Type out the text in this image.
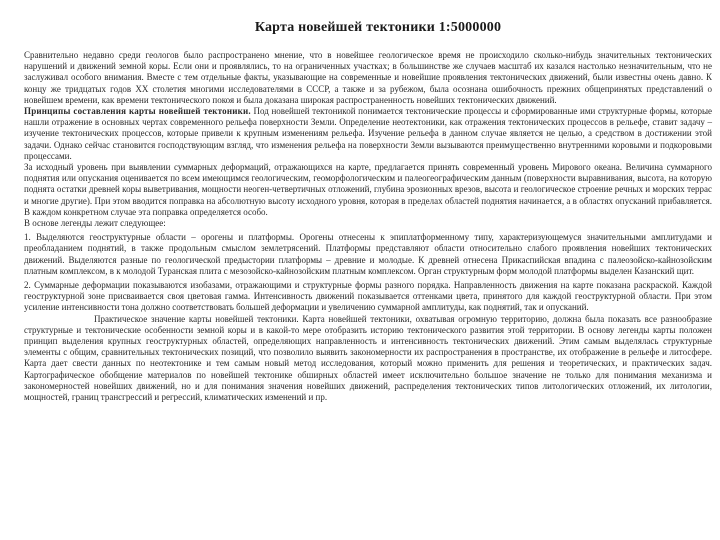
Карта новейшей тектоники 1:5000000

Сравнительно недавно среди геологов было распространено мнение, что в новейшее геологическое время не происходило сколько-нибудь значительных тектонических нарушений и движений земной коры. Если они и проявлялись, то на ограниченных участках; в большинстве же случаев масштаб их казался настолько незначительным, что не заслуживал особого внимания. Вместе с тем отдельные факты, указывающие на современные и новейшие проявления тектонических движений, были известны очень давно. К концу же тридцатых годов XX столетия многими исследователями в СССР, а также и за рубежом, была осознана ошибочность прежних общепринятых представлений о новейшем времени, как времени тектонического покоя и была доказана широкая распространенность новейших тектонических движений.

Принципы составления карты новейшей тектоники. Под новейшей тектоникой понимается тектонические процессы и сформированные ими структурные формы, которые нашли отражение в основных чертах современного рельефа поверхности Земли. Определение неотектоники, как отражения тектонических процессов в рельефе, ставит задачу – изучение тектонических процессов, которые привели к крупным изменениям рельефа. Изучение рельефа в данном случае является не целью, а средством в достижении этой задачи. Однако сейчас становится господствующим взгляд, что изменения рельефа на поверхности Земли вызываются преимущественно внутренними коровыми и подкоровыми процессами.

За исходный уровень при выявлении суммарных деформаций, отражающихся на карте, предлагается принять современный уровень Мирового океана. Величина суммарного поднятия или опускания оценивается по всем имеющимся геологическим, геоморфологическим и палеогеографическим данным (поверхности выравнивания, высота, на которую поднята остатки древней коры выветривания, мощности неоген-четвертичных отложений, глубина эрозионных врезов, высота и геологическое строение речных и морских террас и многие другие). При этом вводится поправка на абсолютную высоту исходного уровня, которая в пределах областей поднятия начинается, а в областях опусканий прибавляется. В каждом конкретном случае эта поправка определяется особо.

В основе легенды лежит следующее:

1. Выделяются геоструктурные области – орогены и платформы. Орогены отнесены к эпиплатформенному типу, характеризующемуся значительными амплитудами и преобладанием поднятий, в также продольным смыслом землетрясений. Платформы представляют области относительно слабого проявления новейших тектонических движений. Выделяются разные по геологической предыстории платформы – древние и молодые. К древней отнесена Прикаспийская впадина с палеозойско-кайнозойским платным комплексом, в к молодой Туранская плита с мезозойско-кайнозойским платным комплексом. Орган структурным форм молодой платформы выделен Казанский щит.

2. Суммарные деформации показываются изобазами, отражающими и структурные формы разного порядка. Направленность движения на карте показана раскраской. Каждой геоструктурной зоне присваивается своя цветовая гамма. Интенсивность движений показывается оттенками цвета, принятого для каждой геоструктурной области. При этом усиление интенсивности тона должно соответствовать большей деформации и увеличению суммарной амплитуды, как поднятий, так и опусканий.

Практическое значение карты новейшей тектоники. Карта новейшей тектоники, охватывая огромную территорию, должна была показать все разнообразие структурные и тектонические особенности земной коры и в какой-то мере отобразить историю тектонического развития этой территории. В основу легенды карты положен принцип выделения крупных геоструктурных областей, определяющих направленность и интенсивность тектонических движений. Этим самым выделялась структурные элементы с общим, сравнительных тектонических позиций, что позволило выявить закономерности их распространения в пространстве, их отображение в рельефе и литосфере. Карта дает свести данных по неотектонике и тем самым новый метод исследования, который можно применить для решения и теоретических, и практических задач. Картографическое обобщение материалов по новейшей тектонике обширных областей имеет исключительно большое значение не только для понимания механизма и закономерностей новейших движений, но и для понимания значения новейших движений, распределения тектонических типов литологических отложений, их литологии, мощностей, границ трансгрессий и регрессий, климатических изменений и пр.
